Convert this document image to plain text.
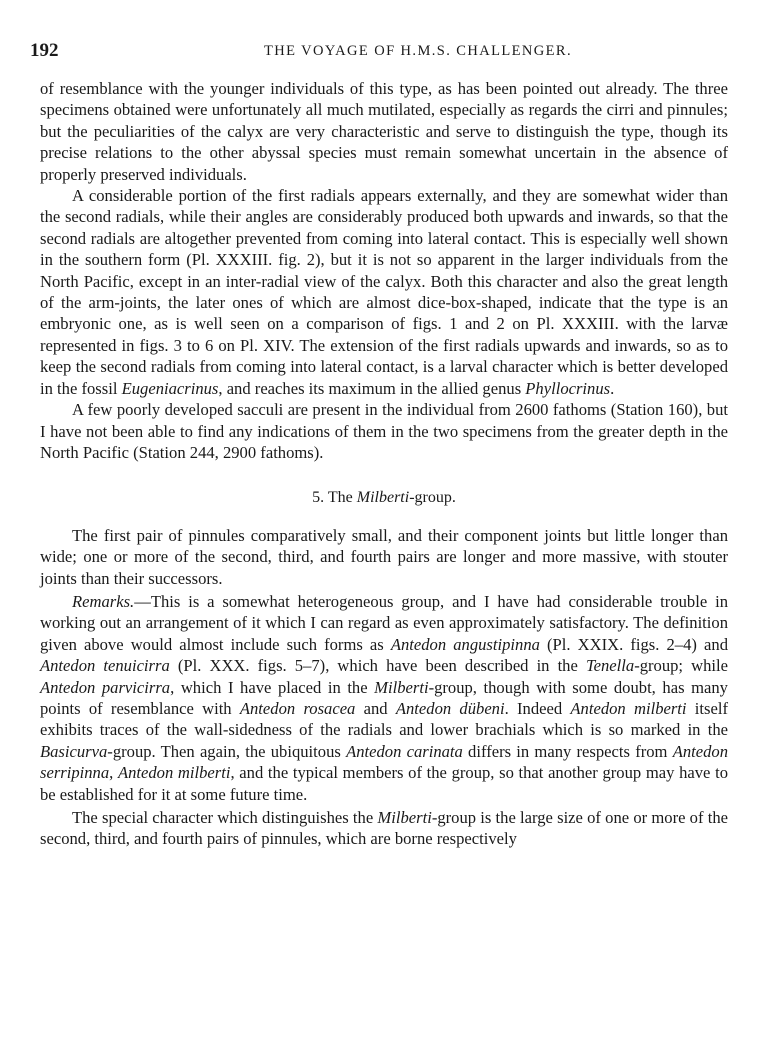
192	THE VOYAGE OF H.M.S. CHALLENGER.

of resemblance with the younger individuals of this type, as has been pointed out already. The three specimens obtained were unfortunately all much mutilated, especially as regards the cirri and pinnules; but the peculiarities of the calyx are very characteristic and serve to distinguish the type, though its precise relations to the other abyssal species must remain somewhat uncertain in the absence of properly preserved individuals.

A considerable portion of the first radials appears externally, and they are somewhat wider than the second radials, while their angles are considerably produced both upwards and inwards, so that the second radials are altogether prevented from coming into lateral contact. This is especially well shown in the southern form (Pl. XXXIII. fig. 2), but it is not so apparent in the larger individuals from the North Pacific, except in an inter-radial view of the calyx. Both this character and also the great length of the arm-joints, the later ones of which are almost dice-box-shaped, indicate that the type is an embryonic one, as is well seen on a comparison of figs. 1 and 2 on Pl. XXXIII. with the larvæ represented in figs. 3 to 6 on Pl. XIV. The extension of the first radials upwards and inwards, so as to keep the second radials from coming into lateral contact, is a larval character which is better developed in the fossil Eugeniacrinus, and reaches its maximum in the allied genus Phyllocrinus.

A few poorly developed sacculi are present in the individual from 2600 fathoms (Station 160), but I have not been able to find any indications of them in the two specimens from the greater depth in the North Pacific (Station 244, 2900 fathoms).

5. The Milberti-group.

The first pair of pinnules comparatively small, and their component joints but little longer than wide; one or more of the second, third, and fourth pairs are longer and more massive, with stouter joints than their successors.

Remarks.—This is a somewhat heterogeneous group, and I have had considerable trouble in working out an arrangement of it which I can regard as even approximately satisfactory. The definition given above would almost include such forms as Antedon angustipinna (Pl. XXIX. figs. 2–4) and Antedon tenuicirra (Pl. XXX. figs. 5–7), which have been described in the Tenella-group; while Antedon parvicirra, which I have placed in the Milberti-group, though with some doubt, has many points of resemblance with Antedon rosacea and Antedon dübeni. Indeed Antedon milberti itself exhibits traces of the wall-sidedness of the radials and lower brachials which is so marked in the Basicurva-group. Then again, the ubiquitous Antedon carinata differs in many respects from Antedon serripinna, Antedon milberti, and the typical members of the group, so that another group may have to be established for it at some future time.

The special character which distinguishes the Milberti-group is the large size of one or more of the second, third, and fourth pairs of pinnules, which are borne respectively
